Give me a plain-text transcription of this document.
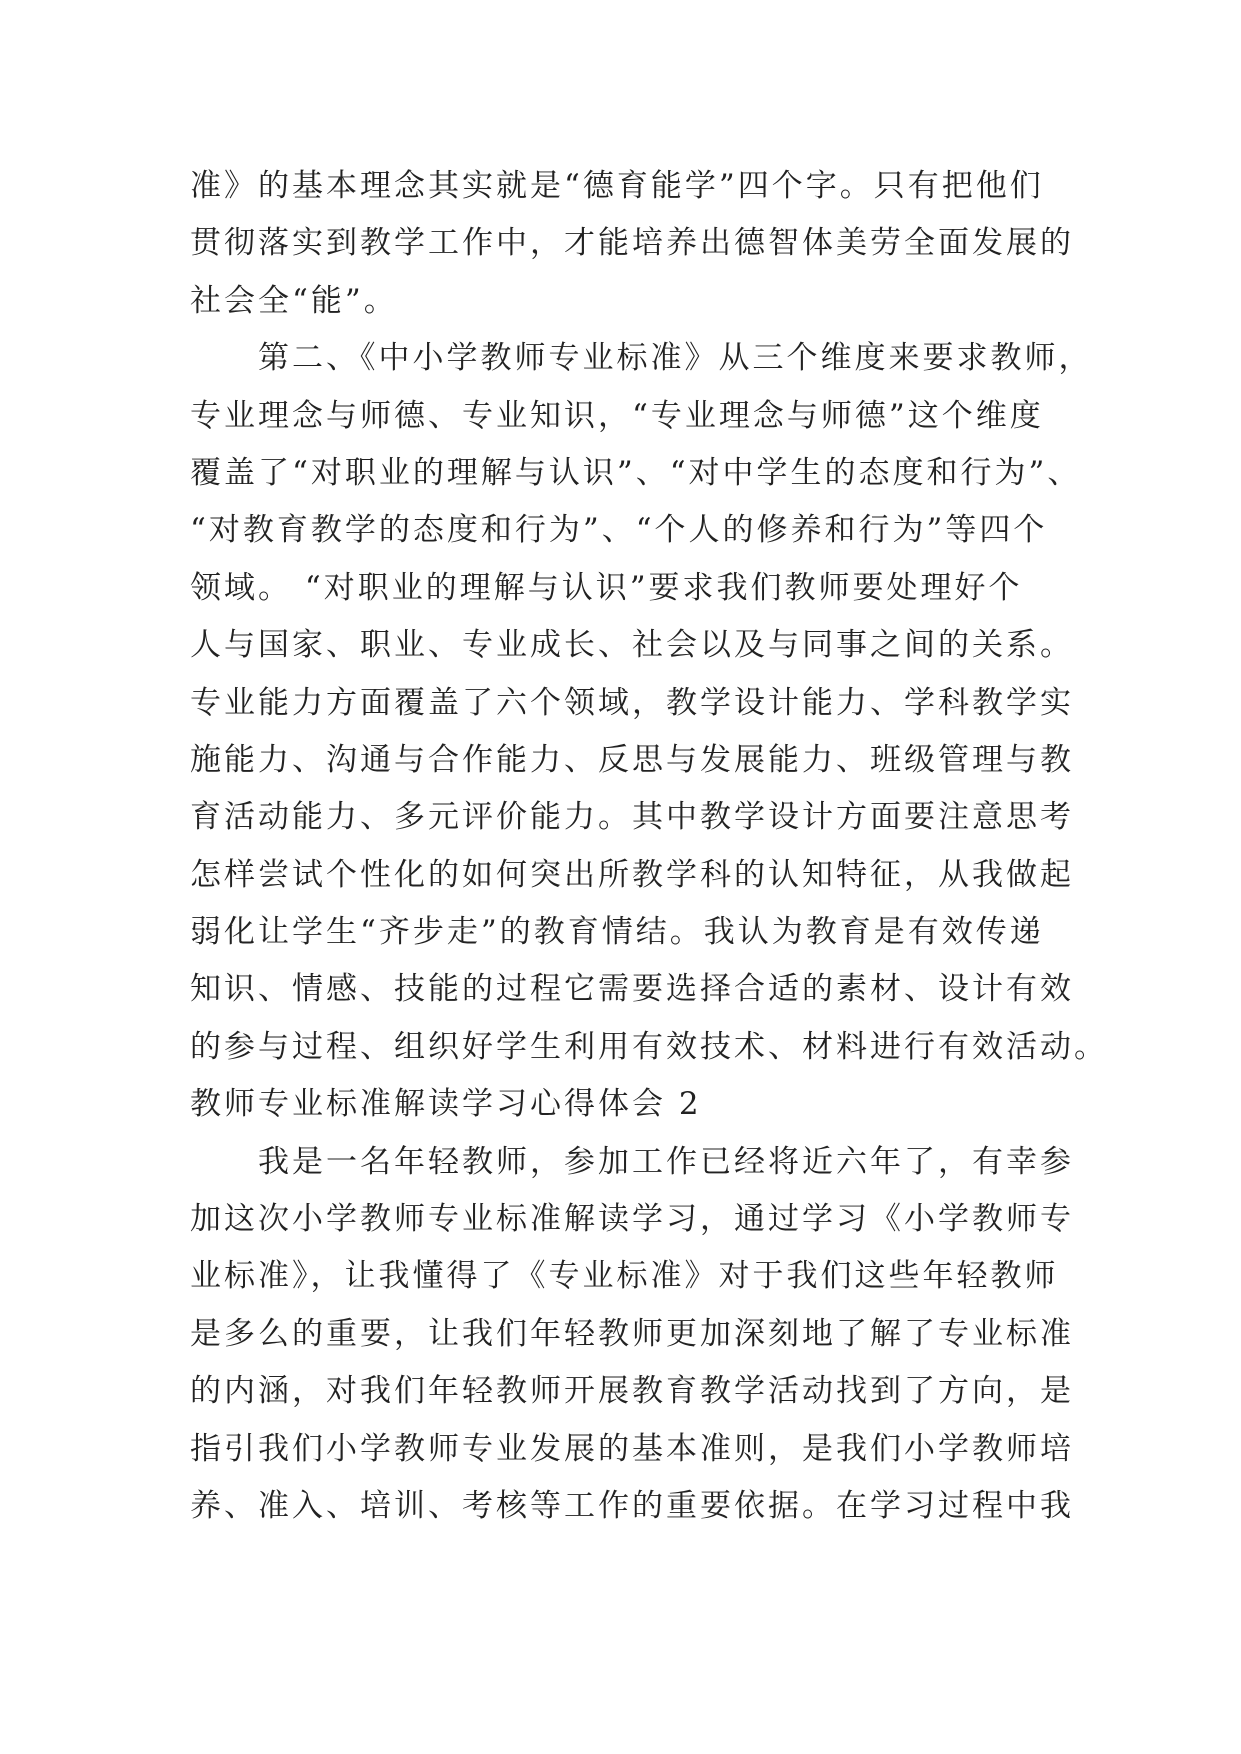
准》的基本理念其实就是“德育能学”四个字。只有把他们
贯彻落实到教学工作中，才能培养出德智体美劳全面发展的
社会全“能”。
第二、《中小学教师专业标准》从三个维度来要求教师，
专业理念与师德、专业知识，“专业理念与师德”这个维度
覆盖了“对职业的理解与认识”、“对中学生的态度和行为”、
“对教育教学的态度和行为”、“个人的修养和行为”等四个
领域。 “对职业的理解与认识”要求我们教师要处理好个
人与国家、职业、专业成长、社会以及与同事之间的关系。
专业能力方面覆盖了六个领域，教学设计能力、学科教学实
施能力、沟通与合作能力、反思与发展能力、班级管理与教
育活动能力、多元评价能力。其中教学设计方面要注意思考
怎样尝试个性化的如何突出所教学科的认知特征，从我做起
弱化让学生“齐步走”的教育情结。我认为教育是有效传递
知识、情感、技能的过程它需要选择合适的素材、设计有效
的参与过程、组织好学生利用有效技术、材料进行有效活动。
教师专业标准解读学习心得体会 2
我是一名年轻教师，参加工作已经将近六年了，有幸参
加这次小学教师专业标准解读学习，通过学习《小学教师专
业标准》，让我懂得了《专业标准》对于我们这些年轻教师
是多么的重要，让我们年轻教师更加深刻地了解了专业标准
的内涵，对我们年轻教师开展教育教学活动找到了方向，是
指引我们小学教师专业发展的基本准则，是我们小学教师培
养、准入、培训、考核等工作的重要依据。在学习过程中我
